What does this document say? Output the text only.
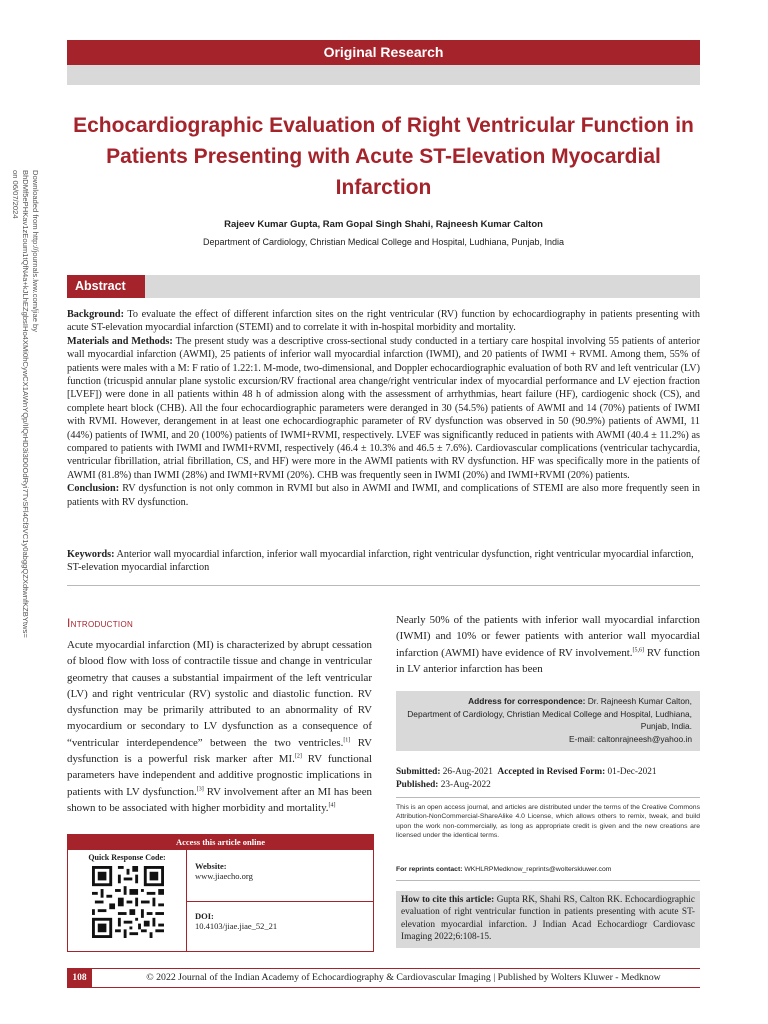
Downloaded from http://journals.lww.com/jiae by BhDMf5ePHKav1zEoum1tQfN4a+kJLhEZgbsIHo4XMi0hCywCX1AWnYQp/IlQrHD3i3D0OdRyi7TvSFl4Cf3VC1y0abggQZXdtwnfKZBYtws= on 06/07/2024
Original Research
Echocardiographic Evaluation of Right Ventricular Function in Patients Presenting with Acute ST-Elevation Myocardial Infarction
Rajeev Kumar Gupta, Ram Gopal Singh Shahi, Rajneesh Kumar Calton
Department of Cardiology, Christian Medical College and Hospital, Ludhiana, Punjab, India
Abstract

Background: To evaluate the effect of different infarction sites on the right ventricular (RV) function by echocardiography in patients presenting with acute ST-elevation myocardial infarction (STEMI) and to correlate it with in-hospital morbidity and mortality.

Materials and Methods: The present study was a descriptive cross-sectional study conducted in a tertiary care hospital involving 55 patients of anterior wall myocardial infarction (AWMI), 25 patients of inferior wall myocardial infarction (IWMI), and 20 patients of IWMI + RVMI. Among them, 55% of patients were males with a M: F ratio of 1.22:1. M-mode, two-dimensional, and Doppler echocardiographic evaluation of both RV and left ventricular (LV) function (tricuspid annular plane systolic excursion/RV fractional area change/right ventricular index of myocardial performance and LV ejection fraction [LVEF]) were done in all patients within 48 h of admission along with the assessment of arrhythmias, heart failure (HF), cardiogenic shock (CS), and complete heart block (CHB). All the four echocardiographic parameters were deranged in 30 (54.5%) patients of AWMI and 14 (70%) patients of IWMI with RVMI. However, derangement in at least one echocardiographic parameter of RV dysfunction was observed in 50 (90.9%) patients of AWMI, 11 (44%) patients of IWMI, and 20 (100%) patients of IWMI+RVMI, respectively. LVEF was significantly reduced in patients with AWMI (40.4 ± 11.2%) as compared to patients with IWMI and IWMI+RVMI, respectively (46.4 ± 10.3% and 46.5 ± 7.6%). Cardiovascular complications (ventricular tachycardia, ventricular fibrillation, atrial fibrillation, CS, and HF) were more in the AWMI patients with RV dysfunction. HF was specifically more in the patients of AWMI (81.8%) than IWMI (28%) and IWMI+RVMI (20%). CHB was frequently seen in IWMI (20%) and IWMI+RVMI (20%) patients.

Conclusion: RV dysfunction is not only common in RVMI but also in AWMI and IWMI, and complications of STEMI are also more frequently seen in patients with RV dysfunction.

Keywords: Anterior wall myocardial infarction, inferior wall myocardial infarction, right ventricular dysfunction, right ventricular myocardial infarction, ST-elevation myocardial infarction
Introduction
Acute myocardial infarction (MI) is characterized by abrupt cessation of blood flow with loss of contractile tissue and change in ventricular geometry that causes a substantial impairment of the left ventricular (LV) and right ventricular (RV) systolic and diastolic function. RV dysfunction may be primarily attributed to an abnormality of RV myocardium or secondary to LV dysfunction as a consequence of “ventricular interdependence” between the two ventricles.[1] RV dysfunction is a powerful risk marker after MI.[2] RV functional parameters have independent and additive prognostic implications in patients with LV dysfunction.[3] RV involvement after an MI has been shown to be associated with higher morbidity and mortality.[4]
Nearly 50% of the patients with inferior wall myocardial infarction (IWMI) and 10% or fewer patients with anterior wall myocardial infarction (AWMI) have evidence of RV involvement.[5,6] RV function in LV anterior infarction has been
Access this article online
Quick Response Code:
Website:
www.jiaecho.org
DOI:
10.4103/jiae.jiae_52_21
Address for correspondence: Dr. Rajneesh Kumar Calton,
Department of Cardiology, Christian Medical College and Hospital, Ludhiana,
Punjab, India.
E-mail: caltonrajneesh@yahoo.in
Submitted: 26-Aug-2021 Accepted in Revised Form: 01-Dec-2021
Published: 23-Aug-2022
This is an open access journal, and articles are distributed under the terms of the Creative Commons Attribution-NonCommercial-ShareAlike 4.0 License, which allows others to remix, tweak, and build upon the work non-commercially, as long as appropriate credit is given and the new creations are licensed under the identical terms.
For reprints contact: WKHLRPMedknow_reprints@wolterskluwer.com
How to cite this article: Gupta RK, Shahi RS, Calton RK. Echocardiographic evaluation of right ventricular function in patients presenting with acute ST-elevation myocardial infarction. J Indian Acad Echocardiogr Cardiovasc Imaging 2022;6:108-15.
108	© 2022 Journal of the Indian Academy of Echocardiography & Cardiovascular Imaging | Published by Wolters Kluwer - Medknow
